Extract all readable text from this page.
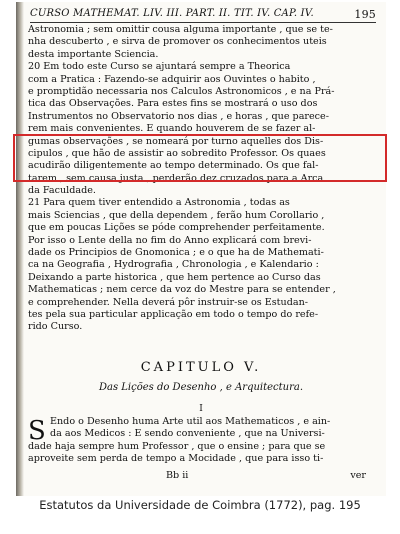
CURSO MATHEMAT. LIV. III. PART. II. TIT. IV. CAP. IV.	195
Astronomia ; sem omittir cousa alguma importante , que se te-
nha descuberto , e sirva de promover os conhecimentos uteis
desta importante Sciencia.
20 Em todo este Curso se ajuntará sempre a Theorica
com a Pratica : Fazendo-se adquirir aos Ouvintes o habito ,
e promptidão necessaria nos Calculos Astronomicos , e na Prá-
tica das Observações. Para estes fins se mostrará o uso dos
Instrumentos no Observatorio nos dias , e horas , que parece-
rem mais convenientes. E quando houverem de se fazer al-
gumas observações , se nomeará por turno aquelles dos Dis-
cipulos , que hão de assistir ao sobredito Professor. Os quaes
acudirão diligentemente ao tempo determinado. Os que fal-
tarem , sem causa justa , perderão dez cruzados para a Arca
da Faculdade.
21 Para quem tiver entendido a Astronomia , todas as
mais Sciencias , que della dependem , ferão hum Corollario ,
que em poucas Lições se póde comprehender perfeitamente.
Por isso o Lente della no fim do Anno explicará com brevi-
dade os Principios de Gnomonica ; e o que ha de Mathemati-
ca na Geografia , Hydrografia , Chronologia , e Kalendario :
Deixando a parte historica , que hem pertence ao Curso das
Mathematicas ; nem cerce da voz do Mestre para se entender ,
e comprehender. Nella deverá pôr instruir-se os Estudan-
tes pela sua particular applicação em todo o tempo do refe-
rido Curso.
CAPITULO V.
Das Lições do Desenho , e Arquitectura.
I
S Endo o Desenho huma Arte util aos Mathematicos , e ain-
da aos Medicos : E sendo conveniente , que na Universi-
dade haja sempre hum Professor , que o ensine ; para que se
aproveite sem perda de tempo a Mocidade , que para isso ti-
Bb ii	ver
Estatutos da Universidade de Coimbra (1772), pag. 195
